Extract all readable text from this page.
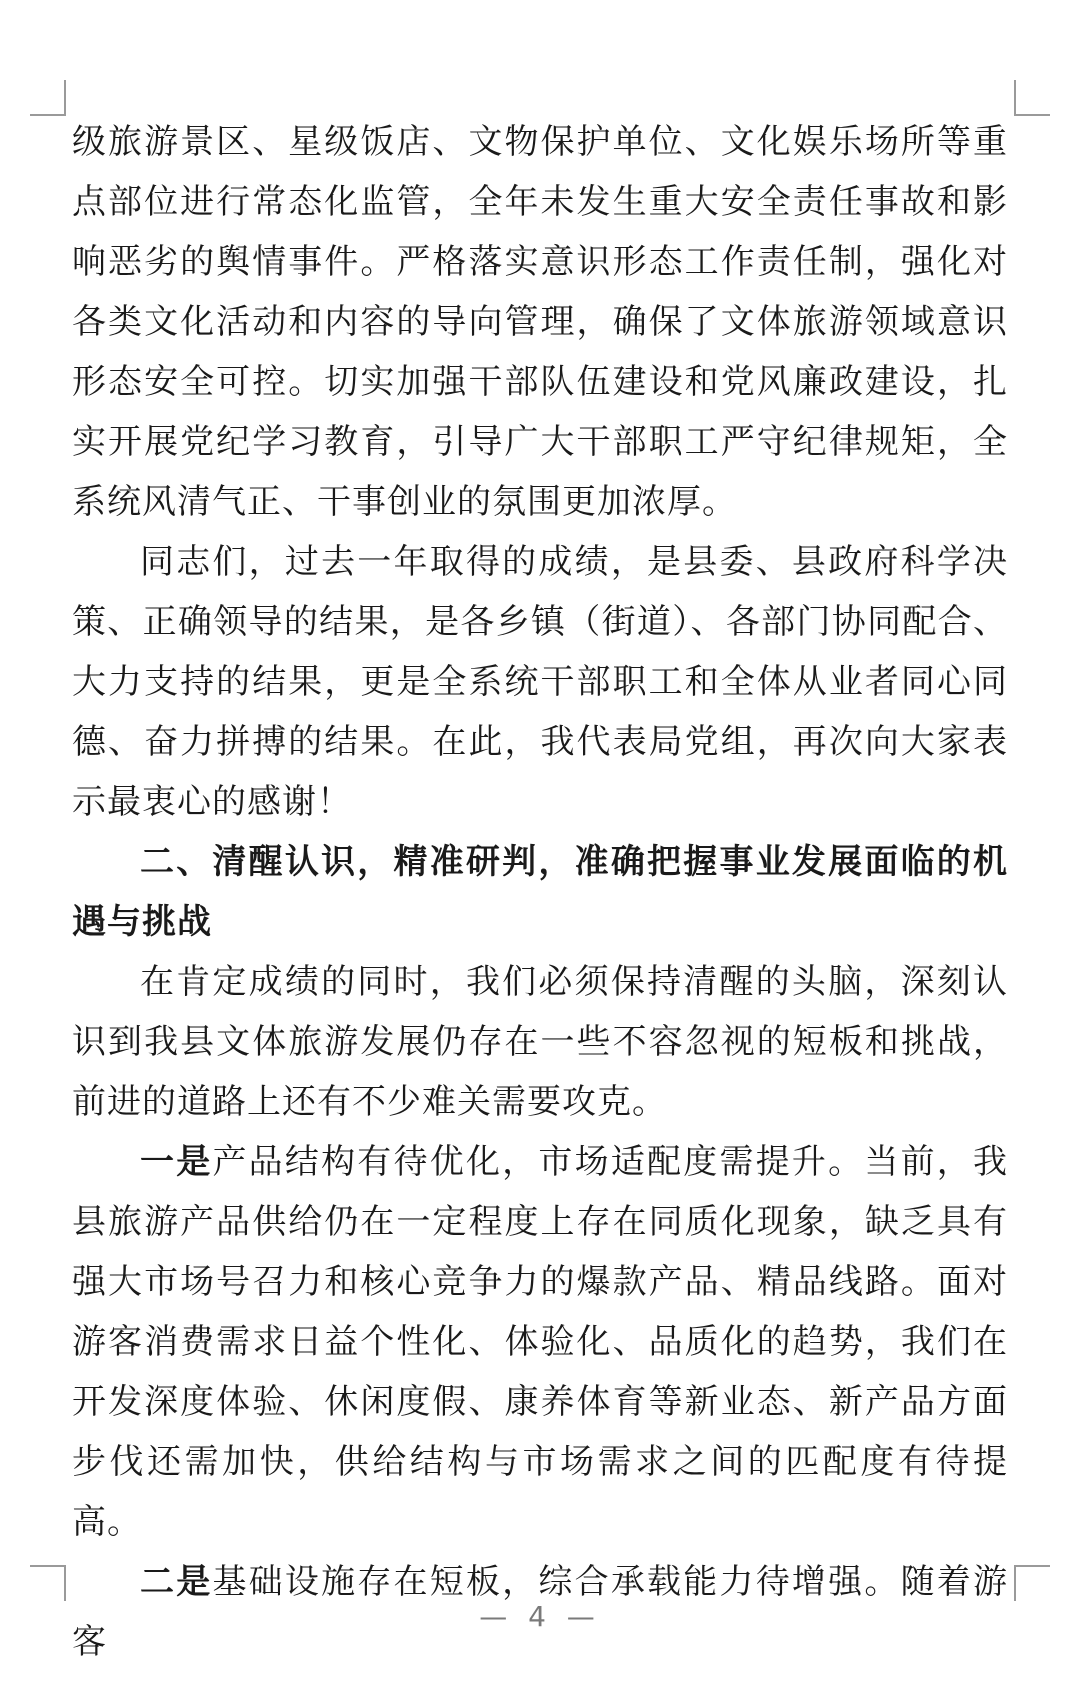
级旅游景区、星级饭店、文物保护单位、文化娱乐场所等重点部位进行常态化监管，全年未发生重大安全责任事故和影响恶劣的舆情事件。严格落实意识形态工作责任制，强化对各类文化活动和内容的导向管理，确保了文体旅游领域意识形态安全可控。切实加强干部队伍建设和党风廉政建设，扎实开展党纪学习教育，引导广大干部职工严守纪律规矩，全系统风清气正、干事创业的氛围更加浓厚。

同志们，过去一年取得的成绩，是县委、县政府科学决策、正确领导的结果，是各乡镇（街道）、各部门协同配合、大力支持的结果，更是全系统干部职工和全体从业者同心同德、奋力拼搏的结果。在此，我代表局党组，再次向大家表示最衷心的感谢！

二、清醒认识，精准研判，准确把握事业发展面临的机遇与挑战

在肯定成绩的同时，我们必须保持清醒的头脑，深刻认识到我县文体旅游发展仍存在一些不容忽视的短板和挑战，前进的道路上还有不少难关需要攻克。

一是产品结构有待优化，市场适配度需提升。当前，我县旅游产品供给仍在一定程度上存在同质化现象，缺乏具有强大市场号召力和核心竞争力的爆款产品、精品线路。面对游客消费需求日益个性化、体验化、品质化的趋势，我们在开发深度体验、休闲度假、康养体育等新业态、新产品方面步伐还需加快，供给结构与市场需求之间的匹配度有待提高。

二是基础设施存在短板，综合承载能力待增强。随着游客

— 4 —
